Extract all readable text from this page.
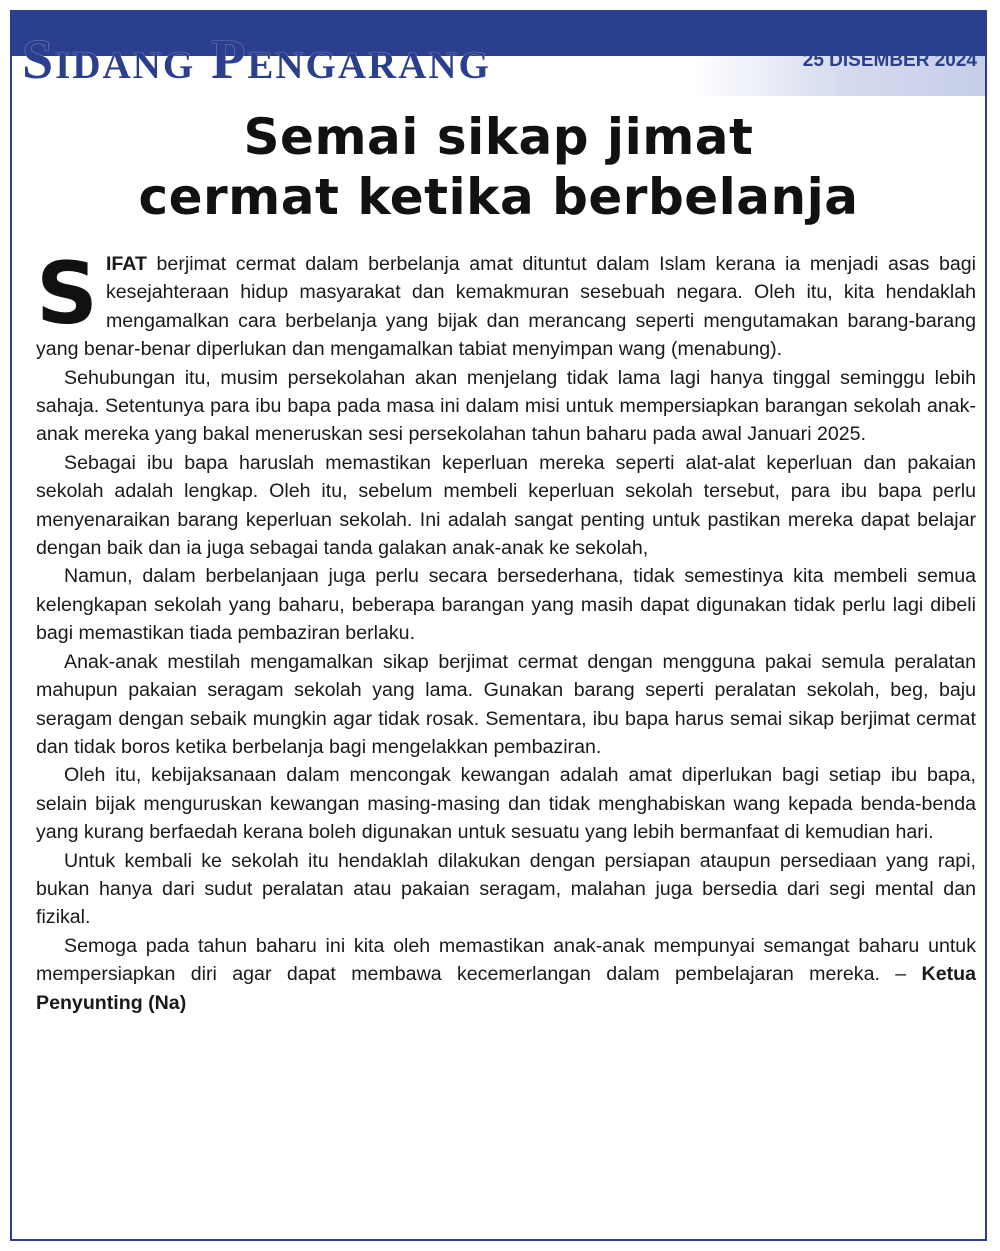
Sidang Pengarang	25 DISEMBER 2024
Semai sikap jimat
cermat ketika berbelanja

SIFAT berjimat cermat dalam berbelanja amat dituntut dalam Islam kerana ia menjadi asas bagi kesejahteraan hidup masyarakat dan kemakmuran sesebuah negara. Oleh itu, kita hendaklah mengamalkan cara berbelanja yang bijak dan merancang seperti mengutamakan barang-barang yang benar-benar diperlukan dan mengamalkan tabiat menyimpan wang (menabung).

Sehubungan itu, musim persekolahan akan menjelang tidak lama lagi hanya tinggal seminggu lebih sahaja. Setentunya para ibu bapa pada masa ini dalam misi untuk mempersiapkan barangan sekolah anak-anak mereka yang bakal meneruskan sesi persekolahan tahun baharu pada awal Januari 2025.

Sebagai ibu bapa haruslah memastikan keperluan mereka seperti alat-alat keperluan dan pakaian sekolah adalah lengkap. Oleh itu, sebelum membeli keperluan sekolah tersebut, para ibu bapa perlu menyenaraikan barang keperluan sekolah. Ini adalah sangat penting untuk pastikan mereka dapat belajar dengan baik dan ia juga sebagai tanda galakan anak-anak ke sekolah,

Namun, dalam berbelanjaan juga perlu secara bersederhana, tidak semestinya kita membeli semua kelengkapan sekolah yang baharu, beberapa barangan yang masih dapat digunakan tidak perlu lagi dibeli bagi memastikan tiada pembaziran berlaku.

Anak-anak mestilah mengamalkan sikap berjimat cermat dengan mengguna pakai semula peralatan mahupun pakaian seragam sekolah yang lama. Gunakan barang seperti peralatan sekolah, beg, baju seragam dengan sebaik mungkin agar tidak rosak. Sementara, ibu bapa harus semai sikap berjimat cermat dan tidak boros ketika berbelanja bagi mengelakkan pembaziran.

Oleh itu, kebijaksanaan dalam mencongak kewangan adalah amat diperlukan bagi setiap ibu bapa, selain bijak menguruskan kewangan masing-masing dan tidak menghabiskan wang kepada benda-benda yang kurang berfaedah kerana boleh digunakan untuk sesuatu yang lebih bermanfaat di kemudian hari.

Untuk kembali ke sekolah itu hendaklah dilakukan dengan persiapan ataupun persediaan yang rapi, bukan hanya dari sudut peralatan atau pakaian seragam, malahan juga bersedia dari segi mental dan fizikal.

Semoga pada tahun baharu ini kita oleh memastikan anak-anak mempunyai semangat baharu untuk mempersiapkan diri agar dapat membawa kecemerlangan dalam pembelajaran mereka. – Ketua Penyunting (Na)
